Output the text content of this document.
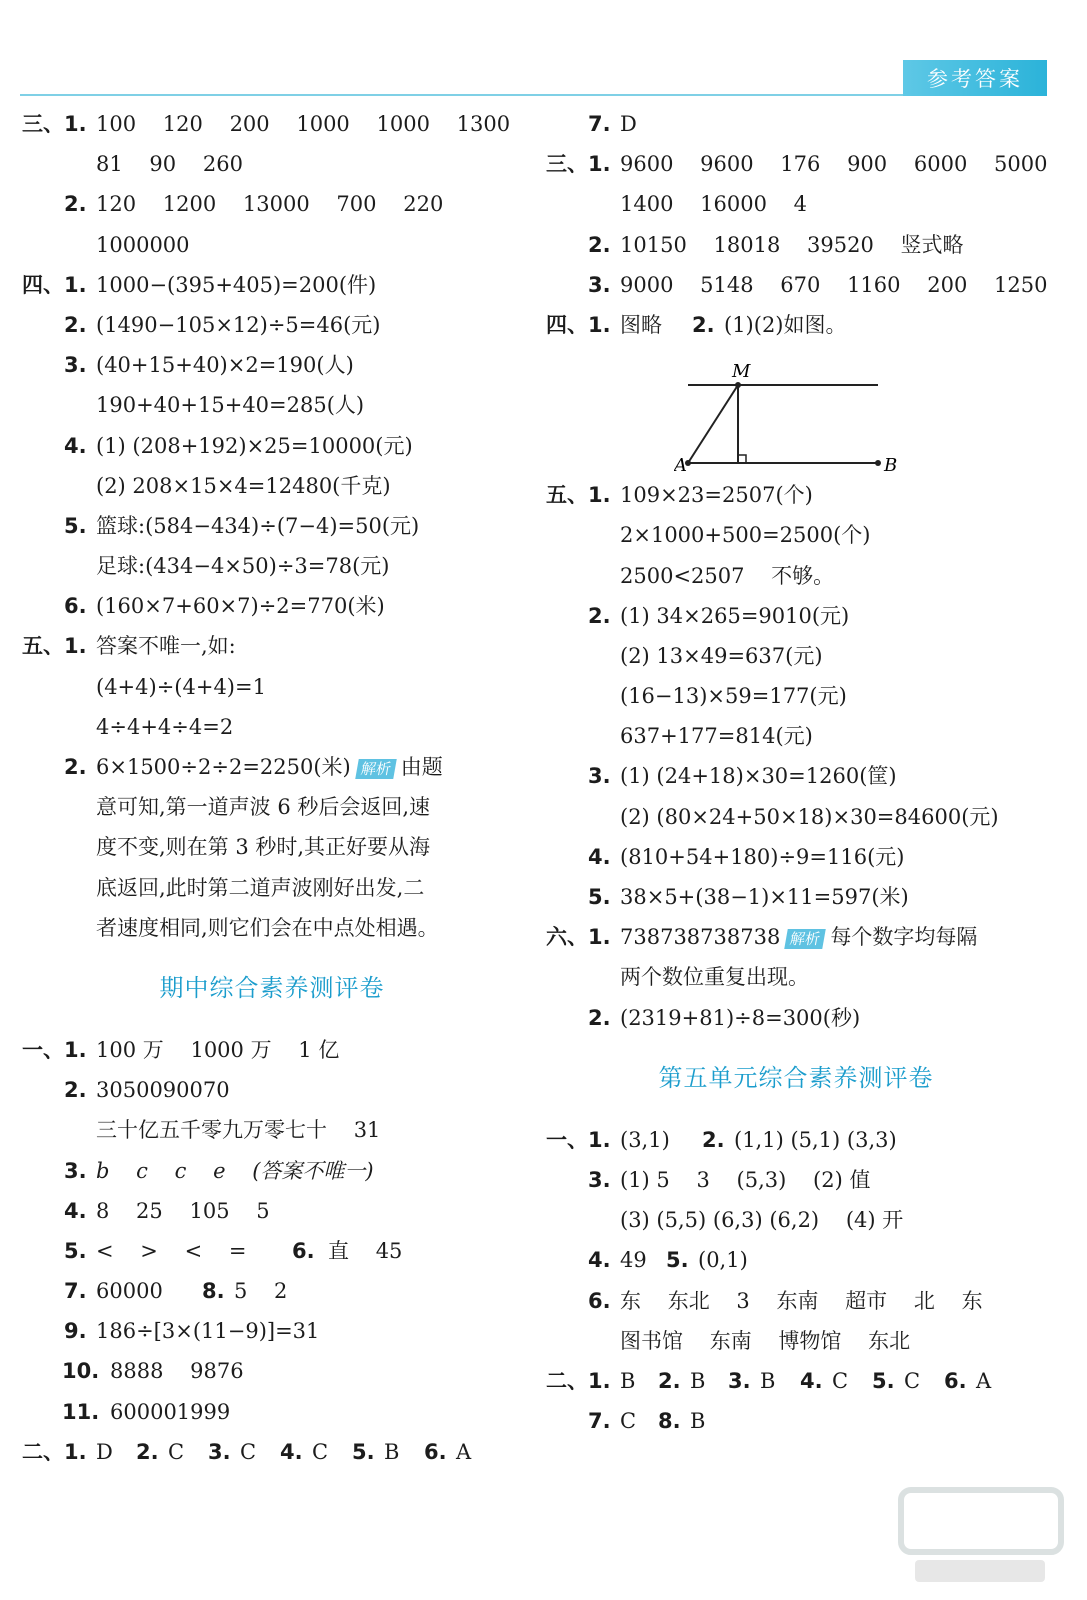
参考答案
三、 1. 100    120    200    1000    1000    1300
81    90    260
2. 120    1200    13000    700    220
1000000
四、 1. 1000−(395+405)=200(件)
2. (1490−105×12)÷5=46(元)
3. (40+15+40)×2=190(人)
190+40+15+40=285(人)
4. (1) (208+192)×25=10000(元)
(2) 208×15×4=12480(千克)
5. 篮球:(584−434)÷(7−4)=50(元)
足球:(434−4×50)÷3=78(元)
6. (160×7+60×7)÷2=770(米)
五、 1. 答案不唯一,如:
(4+4)÷(4+4)=1
4÷4+4÷4=2
2. 6×1500÷2÷2=2250(米) 解析 由题
意可知,第一道声波 6 秒后会返回,速
度不变,则在第 3 秒时,其正好要从海
底返回,此时第二道声波刚好出发,二
者速度相同,则它们会在中点处相遇。
期中综合素养测评卷
一、 1. 100 万    1000 万    1 亿
2. 3050090070
三十亿五千零九万零七十    31
3. b    c    c    e    (答案不唯一)
4. 8    25    105    5
5. <    >    <    = 6. 直    45
7. 60000 8. 5    2
9. 186÷[3×(11−9)]=31
10. 8888    9876
11. 600001999
二、 1. D 2. C 3. C 4. C 5. B 6. A
7. D
三、 1. 9600    9600    176    900    6000    5000
1400    16000    4
2. 10150    18018    39520    竖式略
3. 9000    5148    670    1160    200    1250
四、 1. 图略 2. (1)(2)如图。
M
A	B
五、 1. 109×23=2507(个)
2×1000+500=2500(个)
2500<2507    不够。
2. (1) 34×265=9010(元)
(2) 13×49=637(元)
(16−13)×59=177(元)
637+177=814(元)
3. (1) (24+18)×30=1260(筐)
(2) (80×24+50×18)×30=84600(元)
4. (810+54+180)÷9=116(元)
5. 38×5+(38−1)×11=597(米)
六、 1. 738738738738 解析 每个数字均每隔
两个数位重复出现。
2. (2319+81)÷8=300(秒)
第五单元综合素养测评卷
一、 1. (3,1) 2. (1,1) (5,1) (3,3)
3. (1) 5    3    (5,3)    (2) 值
(3) (5,5) (6,3) (6,2)    (4) 开
4. 49 5. (0,1)
6. 东    东北    3    东南    超市    北    东
图书馆    东南    博物馆    东北
二、 1. B 2. B 3. B 4. C 5. C 6. A
7. C 8. B
